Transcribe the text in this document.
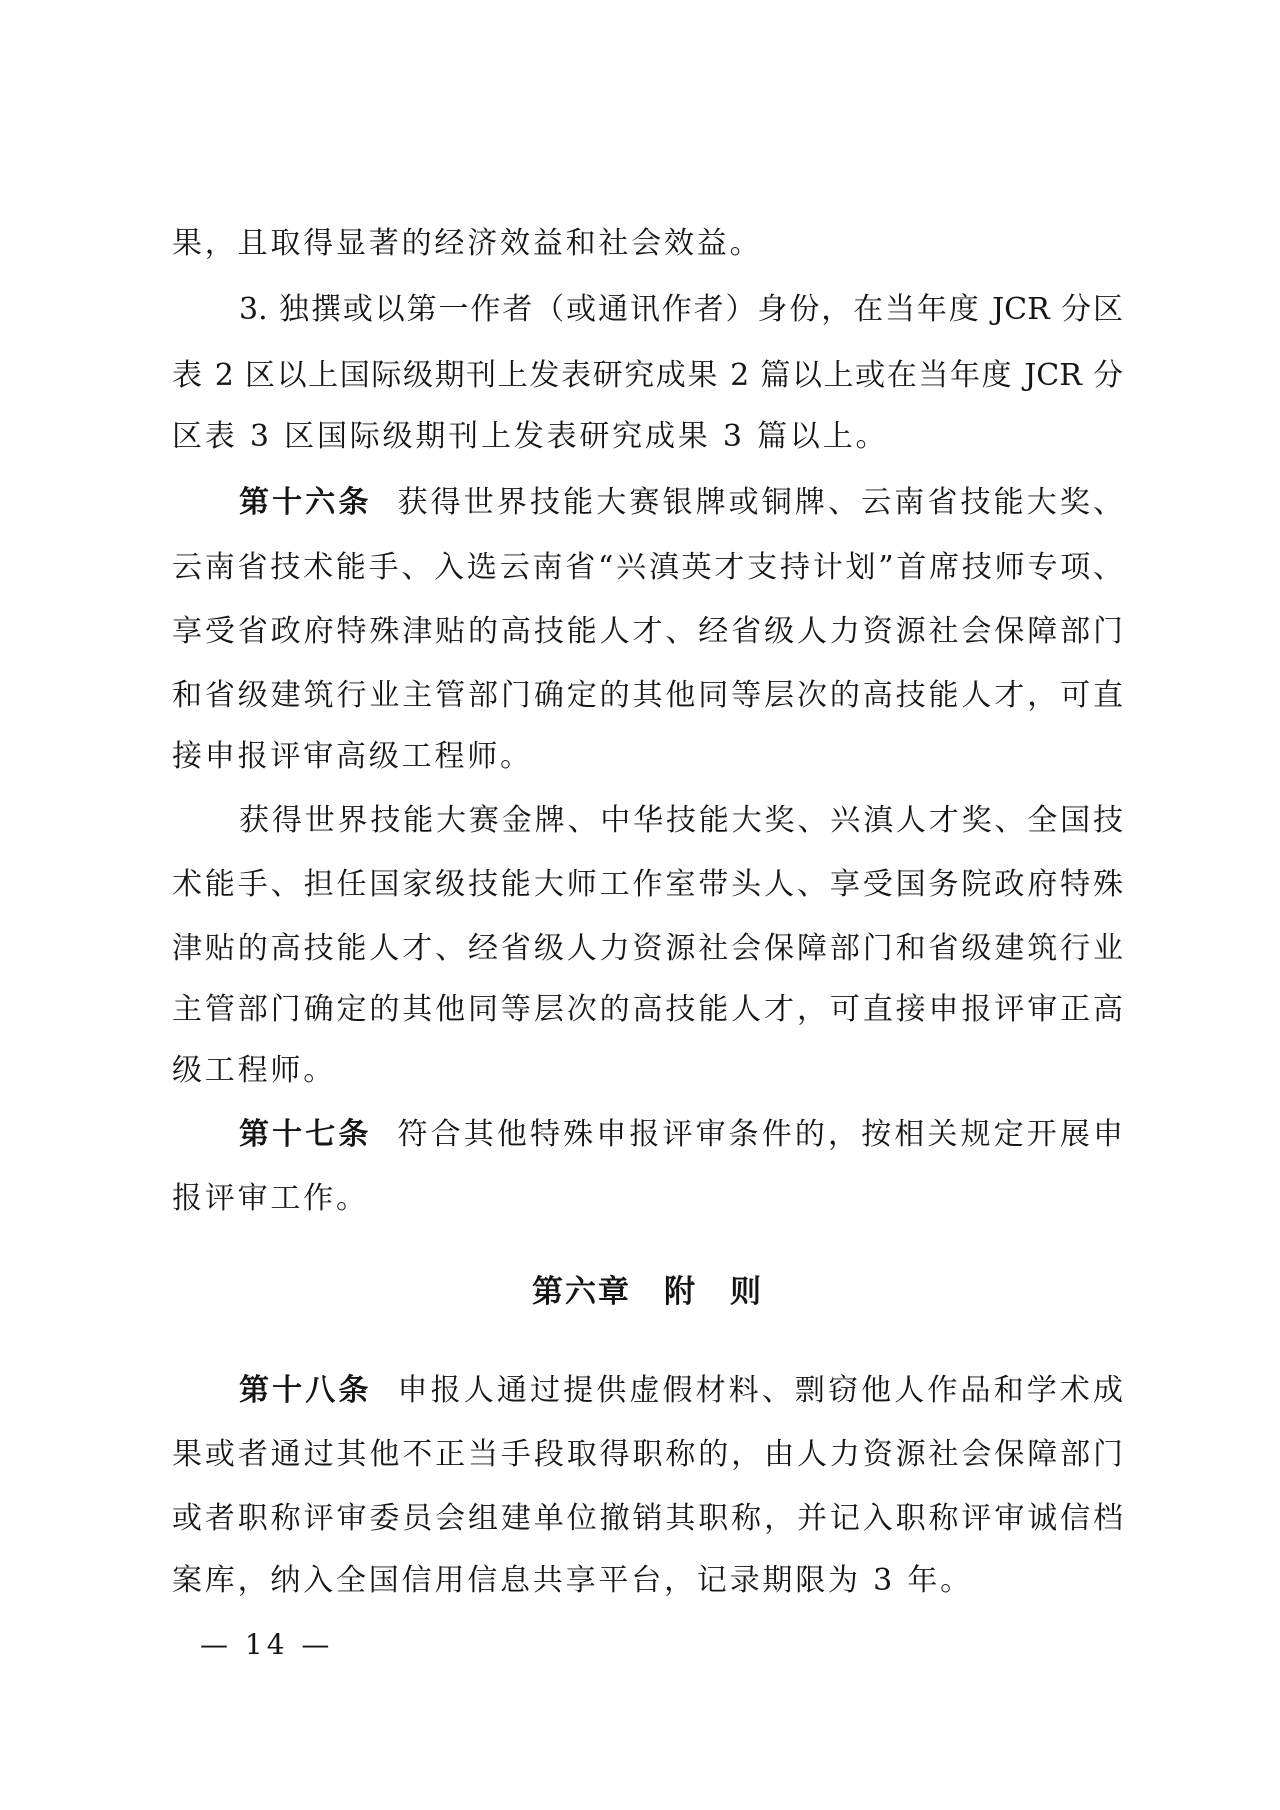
果，且取得显著的经济效益和社会效益。
3. 独撰或以第一作者（或通讯作者）身份，在当年度 JCR 分区
表 2 区以上国际级期刊上发表研究成果 2 篇以上或在当年度 JCR 分
区表 3 区国际级期刊上发表研究成果 3 篇以上。
第十六条 获得世界技能大赛银牌或铜牌、云南省技能大奖、
云南省技术能手、入选云南省“兴滇英才支持计划”首席技师专项、
享受省政府特殊津贴的高技能人才、经省级人力资源社会保障部门
和省级建筑行业主管部门确定的其他同等层次的高技能人才，可直
接申报评审高级工程师。
获得世界技能大赛金牌、中华技能大奖、兴滇人才奖、全国技
术能手、担任国家级技能大师工作室带头人、享受国务院政府特殊
津贴的高技能人才、经省级人力资源社会保障部门和省级建筑行业
主管部门确定的其他同等层次的高技能人才，可直接申报评审正高
级工程师。
第十七条 符合其他特殊申报评审条件的，按相关规定开展申
报评审工作。
第六章　附　则
第十八条 申报人通过提供虚假材料、剽窃他人作品和学术成
果或者通过其他不正当手段取得职称的，由人力资源社会保障部门
或者职称评审委员会组建单位撤销其职称，并记入职称评审诚信档
案库，纳入全国信用信息共享平台，记录期限为 3 年。
— 14 —
